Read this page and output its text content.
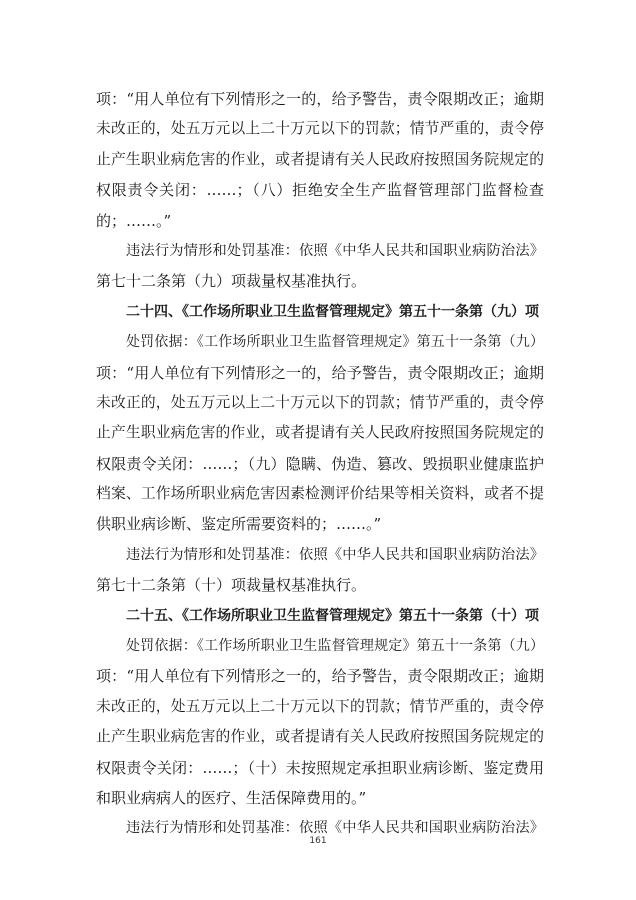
项：“用人单位有下列情形之一的，给予警告，责令限期改正；逾期
未改正的，处五万元以上二十万元以下的罚款；情节严重的，责令停
止产生职业病危害的作业，或者提请有关人民政府按照国务院规定的
权限责令关闭：……；（八）拒绝安全生产监督管理部门监督检查
的；……。”
违法行为情形和处罚基准：依照《中华人民共和国职业病防治法》
第七十二条第（九）项裁量权基准执行。
二十四、《工作场所职业卫生监督管理规定》第五十一条第（九）项
处罚依据：《工作场所职业卫生监督管理规定》第五十一条第（九）
项：“用人单位有下列情形之一的，给予警告，责令限期改正；逾期
未改正的，处五万元以上二十万元以下的罚款；情节严重的，责令停
止产生职业病危害的作业，或者提请有关人民政府按照国务院规定的
权限责令关闭：……；（九）隐瞒、伪造、篡改、毁损职业健康监护
档案、工作场所职业病危害因素检测评价结果等相关资料，或者不提
供职业病诊断、鉴定所需要资料的；……。”
违法行为情形和处罚基准：依照《中华人民共和国职业病防治法》
第七十二条第（十）项裁量权基准执行。
二十五、《工作场所职业卫生监督管理规定》第五十一条第（十）项
处罚依据：《工作场所职业卫生监督管理规定》第五十一条第（九）
项：“用人单位有下列情形之一的，给予警告，责令限期改正；逾期
未改正的，处五万元以上二十万元以下的罚款；情节严重的，责令停
止产生职业病危害的作业，或者提请有关人民政府按照国务院规定的
权限责令关闭：……；（十）未按照规定承担职业病诊断、鉴定费用
和职业病病人的医疗、生活保障费用的。”
违法行为情形和处罚基准：依照《中华人民共和国职业病防治法》
161
